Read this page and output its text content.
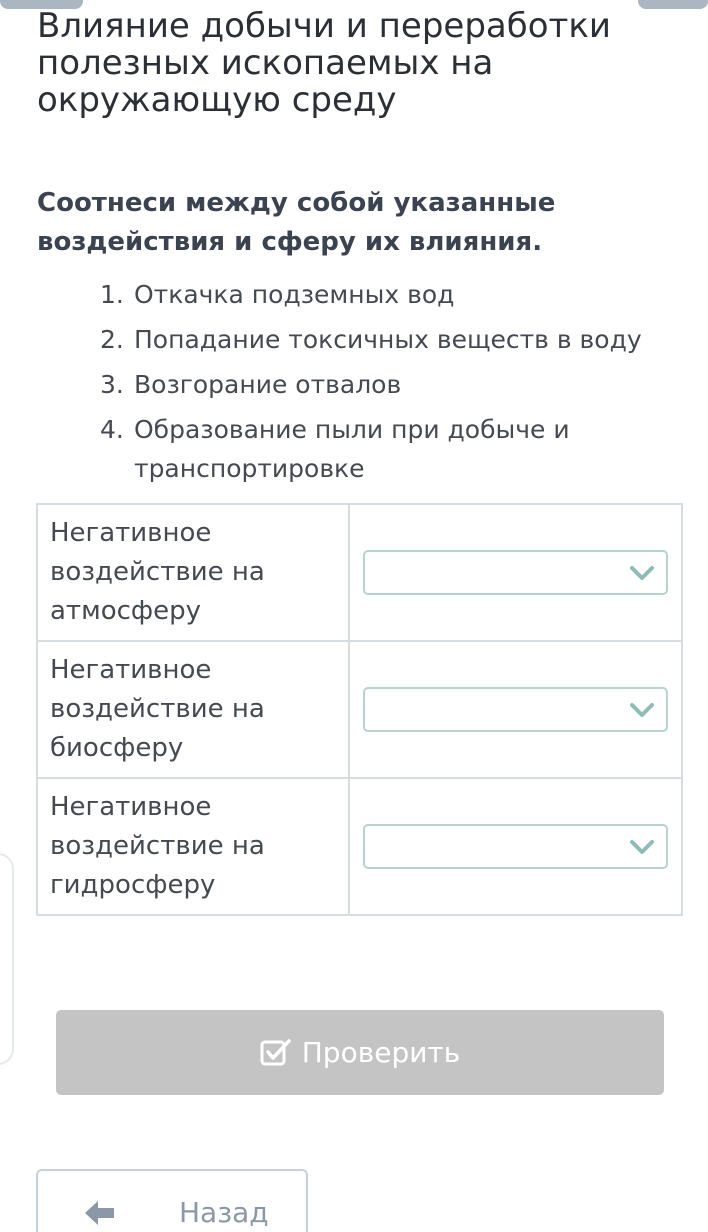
Влияние добычи и переработки полезных ископаемых на окружающую среду

Соотнеси между собой указанные воздействия и сферу их влияния.

1. Откачка подземных вод
2. Попадание токсичных веществ в воду
3. Возгорание отвалов
4. Образование пыли при добыче и транспортировке
Негативное воздействие на атмосферу	

Негативное воздействие на биосферу	

Негативное воздействие на гидросферу	
Проверить
Назад
